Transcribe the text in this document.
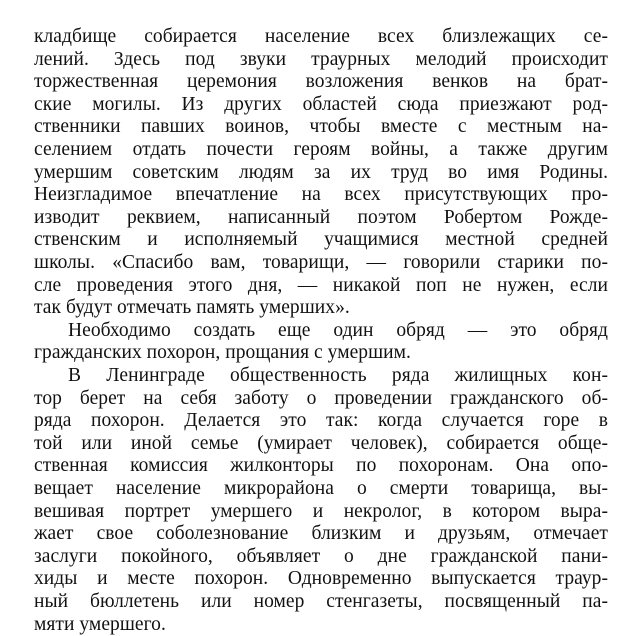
кладбище собирается население всех близлежащих се-
лений. Здесь под звуки траурных мелодий происходит
торжественная церемония возложения венков на брат-
ские могилы. Из других областей сюда приезжают род-
ственники павших воинов, чтобы вместе с местным на-
селением отдать почести героям войны, а также другим
умершим советским людям за их труд во имя Родины.
Неизгладимое впечатление на всех присутствующих про-
изводит реквием, написанный поэтом Робертом Рожде-
ственским и исполняемый учащимися местной средней
школы. «Спасибо вам, товарищи, — говорили старики по-
сле проведения этого дня, — никакой поп не нужен, если
так будут отмечать память умерших».
Необходимо создать еще один обряд — это обряд
гражданских похорон, прощания с умершим.
В Ленинграде общественность ряда жилищных кон-
тор берет на себя заботу о проведении гражданского об-
ряда похорон. Делается это так: когда случается горе в
той или иной семье (умирает человек), собирается обще-
ственная комиссия жилконторы по похоронам. Она опо-
вещает население микрорайона о смерти товарища, вы-
вешивая портрет умершего и некролог, в котором выра-
жает свое соболезнование близким и друзьям, отмечает
заслуги покойного, объявляет о дне гражданской пани-
хиды и месте похорон. Одновременно выпускается траур-
ный бюллетень или номер стенгазеты, посвященный па-
мяти умершего.
